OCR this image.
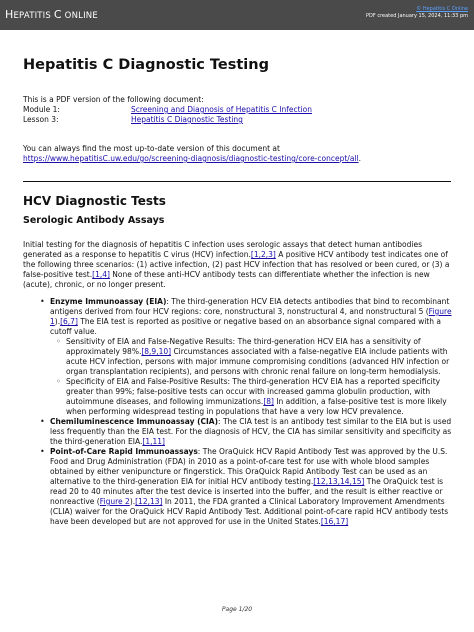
HEPATITIS C ONLINE
© Hepatitis C Online
PDF created January 15, 2024, 11:33 pm
Hepatitis C Diagnostic Testing
This is a PDF version of the following document:
Module 1:	Screening and Diagnosis of Hepatitis C Infection
Lesson 3:	Hepatitis C Diagnostic Testing
You can always find the most up-to-date version of this document at
https://www.hepatitisC.uw.edu/go/screening-diagnosis/diagnostic-testing/core-concept/all.
HCV Diagnostic Tests
Serologic Antibody Assays

Initial testing for the diagnosis of hepatitis C infection uses serologic assays that detect human antibodies generated as a response to hepatitis C virus (HCV) infection.[1,2,3] A positive HCV antibody test indicates one of the following three scenarios: (1) active infection, (2) past HCV infection that has resolved or been cured, or (3) a false-positive test.[1,4] None of these anti-HCV antibody tests can differentiate whether the infection is new (acute), chronic, or no longer present.

• Enzyme Immunoassay (EIA): The third-generation HCV EIA detects antibodies that bind to recombinant antigens derived from four HCV regions: core, nonstructural 3, nonstructural 4, and nonstructural 5 (Figure 1).[6,7] The EIA test is reported as positive or negative based on an absorbance signal compared with a cutoff value.
◦ Sensitivity of EIA and False-Negative Results: The third-generation HCV EIA has a sensitivity of approximately 98%.[8,9,10] Circumstances associated with a false-negative EIA include patients with acute HCV infection, persons with major immune compromising conditions (advanced HIV infection or organ transplantation recipients), and persons with chronic renal failure on long-term hemodialysis.
◦ Specificity of EIA and False-Positive Results: The third-generation HCV EIA has a reported specificity greater than 99%; false-positive tests can occur with increased gamma globulin production, with autoimmune diseases, and following immunizations.[8] In addition, a false-positive test is more likely when performing widespread testing in populations that have a very low HCV prevalence.
• Chemiluminescence Immunoassay (CIA): The CIA test is an antibody test similar to the EIA but is used less frequently than the EIA test. For the diagnosis of HCV, the CIA has similar sensitivity and specificity as the third-generation EIA.[1,11]
• Point-of-Care Rapid Immunoassays: The OraQuick HCV Rapid Antibody Test was approved by the U.S. Food and Drug Administration (FDA) in 2010 as a point-of-care test for use with whole blood samples obtained by either venipuncture or fingerstick. This OraQuick Rapid Antibody Test can be used as an alternative to the third-generation EIA for initial HCV antibody testing.[12,13,14,15] The OraQuick test is read 20 to 40 minutes after the test device is inserted into the buffer, and the result is either reactive or nonreactive (Figure 2).[12,13] In 2011, the FDA granted a Clinical Laboratory Improvement Amendments (CLIA) waiver for the OraQuick HCV Rapid Antibody Test. Additional point-of-care rapid HCV antibody tests have been developed but are not approved for use in the United States.[16,17]
Page 1/20
